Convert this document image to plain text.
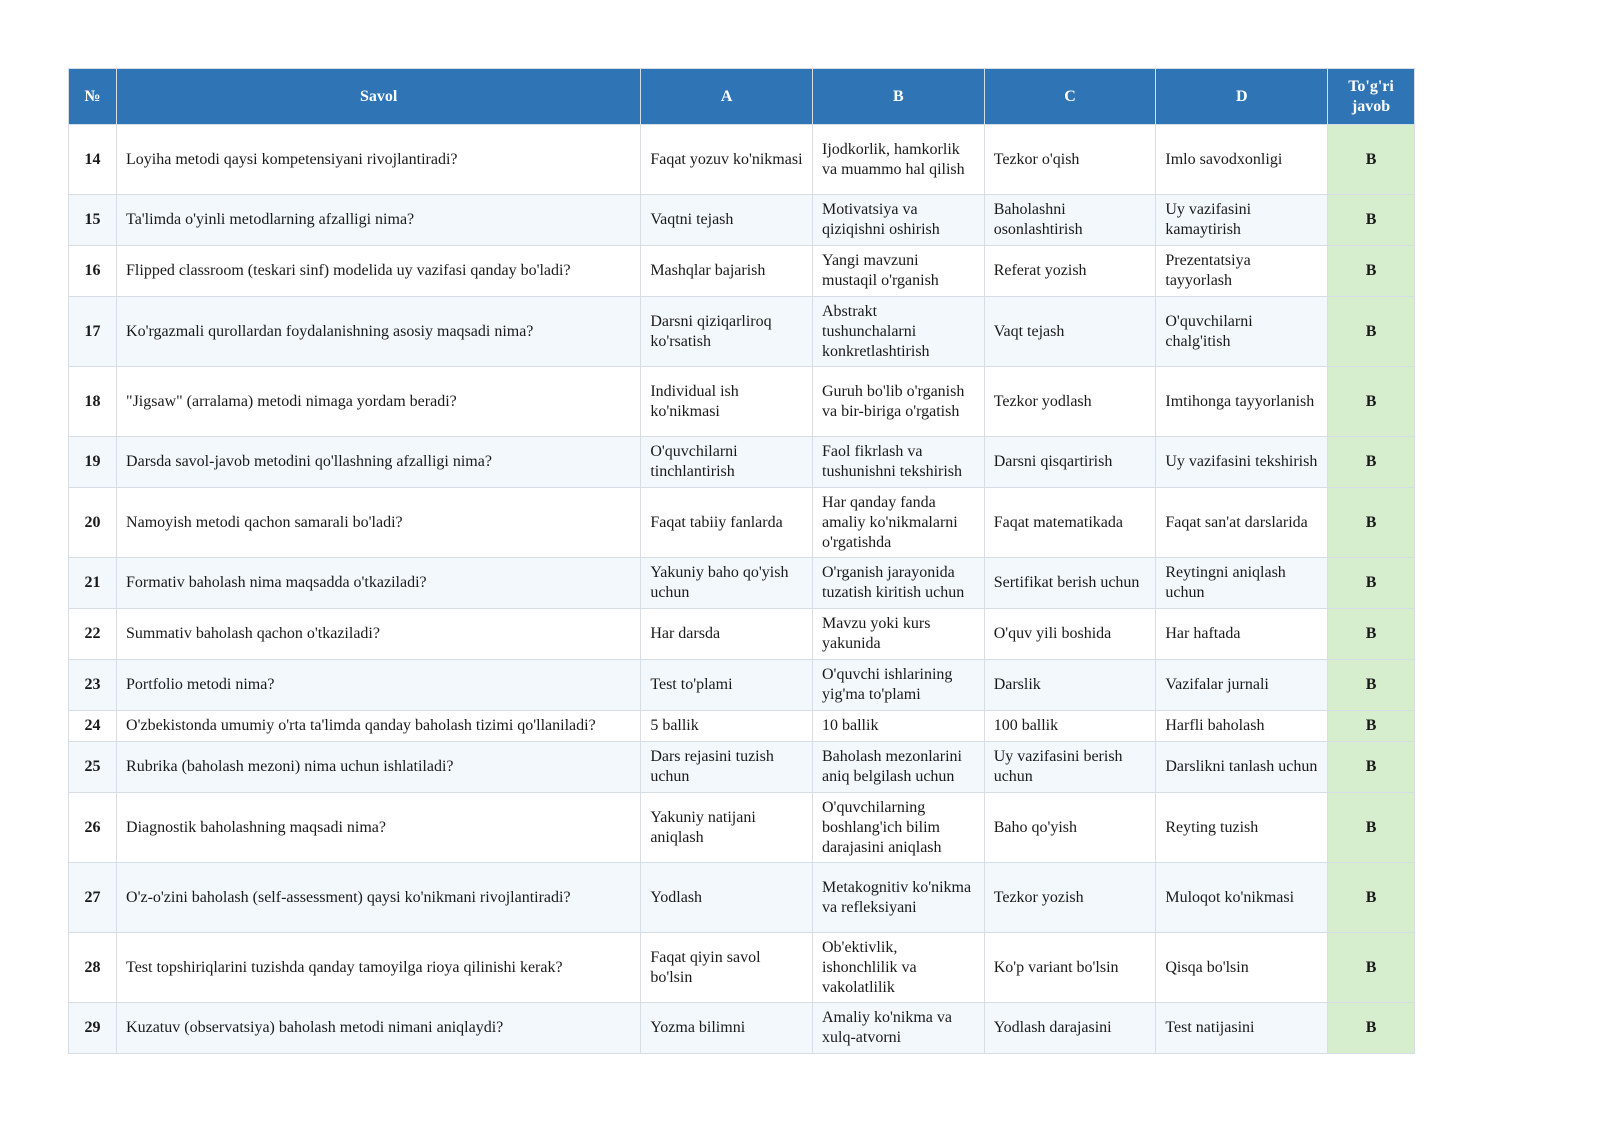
№	Savol	A	B	C	D	To'g'ri javob
14	Loyiha metodi qaysi kompetensiyani rivojlantiradi?	Faqat yozuv ko'nikmasi	Ijodkorlik, hamkorlik va muammo hal qilish	Tezkor o'qish	Imlo savodxonligi	B
15	Ta'limda o'yinli metodlarning afzalligi nima?	Vaqtni tejash	Motivatsiya va qiziqishni oshirish	Baholashni osonlashtirish	Uy vazifasini kamaytirish	B
16	Flipped classroom (teskari sinf) modelida uy vazifasi qanday bo'ladi?	Mashqlar bajarish	Yangi mavzuni mustaqil o'rganish	Referat yozish	Prezentatsiya tayyorlash	B
17	Ko'rgazmali qurollardan foydalanishning asosiy maqsadi nima?	Darsni qiziqarliroq ko'rsatish	Abstrakt tushunchalarni konkretlashtirish	Vaqt tejash	O'quvchilarni chalg'itish	B
18	"Jigsaw" (arralama) metodi nimaga yordam beradi?	Individual ish ko'nikmasi	Guruh bo'lib o'rganish va bir-biriga o'rgatish	Tezkor yodlash	Imtihonga tayyorlanish	B
19	Darsda savol-javob metodini qo'llashning afzalligi nima?	O'quvchilarni tinchlantirish	Faol fikrlash va tushunishni tekshirish	Darsni qisqartirish	Uy vazifasini tekshirish	B
20	Namoyish metodi qachon samarali bo'ladi?	Faqat tabiiy fanlarda	Har qanday fanda amaliy ko'nikmalarni o'rgatishda	Faqat matematikada	Faqat san'at darslarida	B
21	Formativ baholash nima maqsadda o'tkaziladi?	Yakuniy baho qo'yish uchun	O'rganish jarayonida tuzatish kiritish uchun	Sertifikat berish uchun	Reytingni aniqlash uchun	B
22	Summativ baholash qachon o'tkaziladi?	Har darsda	Mavzu yoki kurs yakunida	O'quv yili boshida	Har haftada	B
23	Portfolio metodi nima?	Test to'plami	O'quvchi ishlarining yig'ma to'plami	Darslik	Vazifalar jurnali	B
24	O'zbekistonda umumiy o'rta ta'limda qanday baholash tizimi qo'llaniladi?	5 ballik	10 ballik	100 ballik	Harfli baholash	B
25	Rubrika (baholash mezoni) nima uchun ishlatiladi?	Dars rejasini tuzish uchun	Baholash mezonlarini aniq belgilash uchun	Uy vazifasini berish uchun	Darslikni tanlash uchun	B
26	Diagnostik baholashning maqsadi nima?	Yakuniy natijani aniqlash	O'quvchilarning boshlang'ich bilim darajasini aniqlash	Baho qo'yish	Reyting tuzish	B
27	O'z-o'zini baholash (self-assessment) qaysi ko'nikmani rivojlantiradi?	Yodlash	Metakognitiv ko'nikma va refleksiyani	Tezkor yozish	Muloqot ko'nikmasi	B
28	Test topshiriqlarini tuzishda qanday tamoyilga rioya qilinishi kerak?	Faqat qiyin savol bo'lsin	Ob'ektivlik, ishonchlilik va vakolatlilik	Ko'p variant bo'lsin	Qisqa bo'lsin	B
29	Kuzatuv (observatsiya) baholash metodi nimani aniqlaydi?	Yozma bilimni	Amaliy ko'nikma va xulq-atvorni	Yodlash darajasini	Test natijasini	B
